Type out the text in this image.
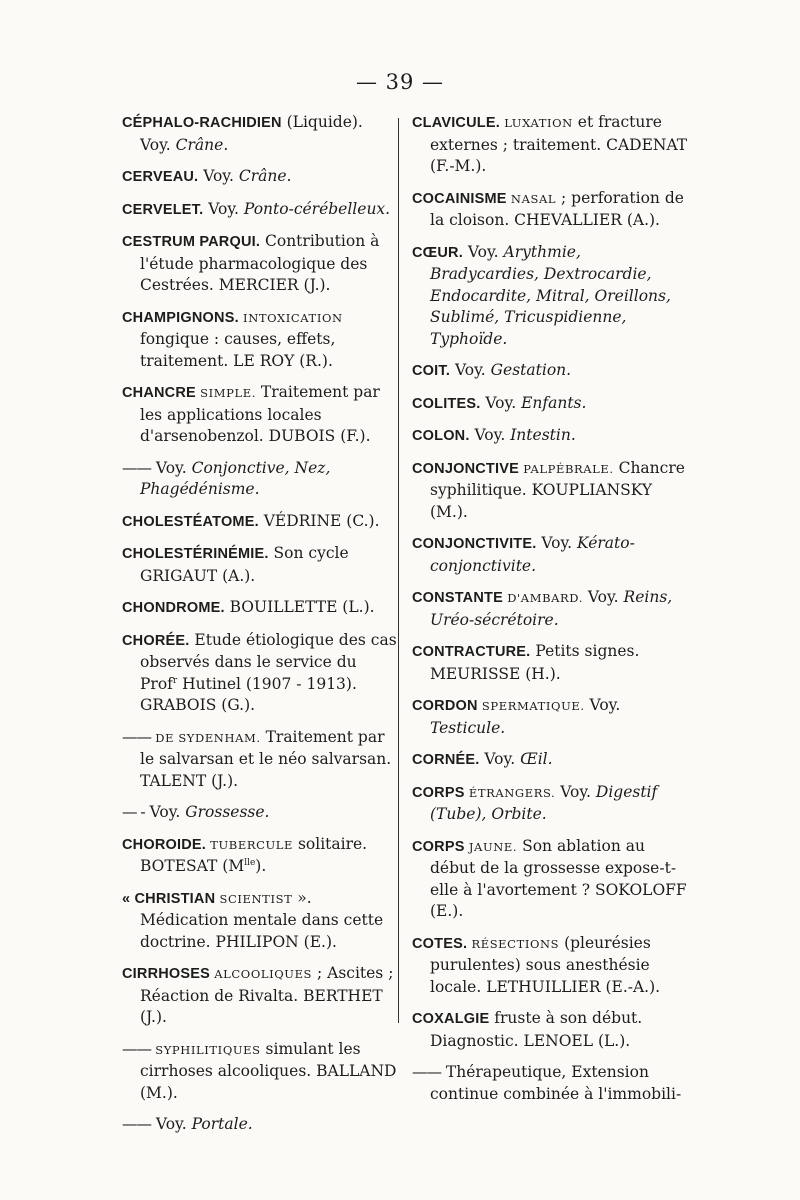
— 39 —
CÉPHALO-RACHIDIEN (Liquide). Voy. Crâne.
CERVEAU. Voy. Crâne.
CERVELET. Voy. Ponto-cérébelleux.
CESTRUM PARQUI. Contribution à l'étude pharmacologique des Cestrées. MERCIER (J.).
CHAMPIGNONS. INTOXICATION fongique : causes, effets, traitement. LE ROY (R.).
CHANCRE SIMPLE. Traitement par les applications locales d'arsenobenzol. DUBOIS (F.).
—— Voy. Conjonctive, Nez, Phagédénisme.
CHOLESTÉATOME. VÉDRINE (C.).
CHOLESTÉRINÉMIE. Son cycle GRIGAUT (A.).
CHONDROME. BOUILLETTE (L.).
CHORÉE. Etude étiologique des cas observés dans le service du Prof$^r$ Hutinel (1907 - 1913). GRABOIS (G.).
—— DE SYDENHAM. Traitement par le salvarsan et le néo salvarsan. TALENT (J.).
— - Voy. Grossesse.
CHOROIDE. TUBERCULE solitaire. BOTESAT $(M^{lle})$.
« CHRISTIAN SCIENTIST ». Médication mentale dans cette doctrine. PHILIPON (E.).
CIRRHOSES ALCOOLIQUES ; Ascites ; Réaction de Rivalta. BERTHET (J.).
—— SYPHILITIQUES simulant les cirrhoses alcooliques. BALLAND (M.).
—— Voy. Portale.
CLAVICULE. LUXATION et fracture externes ; traitement. CADENAT (F.-M.).
COCAINISME NASAL ; perforation de la cloison. CHEVALLIER (A.).
CŒUR. Voy. Arythmie, Bradycardies, Dextrocardie, Endocardite, Mitral, Oreillons, Sublimé, Tricuspidienne, Typhoïde.
COIT. Voy. Gestation.
COLITES. Voy. Enfants.
COLON. Voy. Intestin.
CONJONCTIVE PALPÉBRALE. Chancre syphilitique. KOUPLIANSKY (M.).
CONJONCTIVITE. Voy. Kérato-conjonctivite.
CONSTANTE D'AMBARD. Voy. Reins, Uréo-sécrétoire.
CONTRACTURE. Petits signes. MEURISSE (H.).
CORDON SPERMATIQUE. Voy. Testicule.
CORNÉE. Voy. Œil.
CORPS ÉTRANGERS. Voy. Digestif (Tube), Orbite.
CORPS JAUNE. Son ablation au début de la grossesse expose-t-elle à l'avortement ? SOKOLOFF (E.).
COTES. RÉSECTIONS (pleurésies purulentes) sous anesthésie locale. LETHUILLIER (E.-A.).
COXALGIE fruste à son début. Diagnostic. LENOEL (L.).
—— Thérapeutique, Extension continue combinée à l'immobili-
